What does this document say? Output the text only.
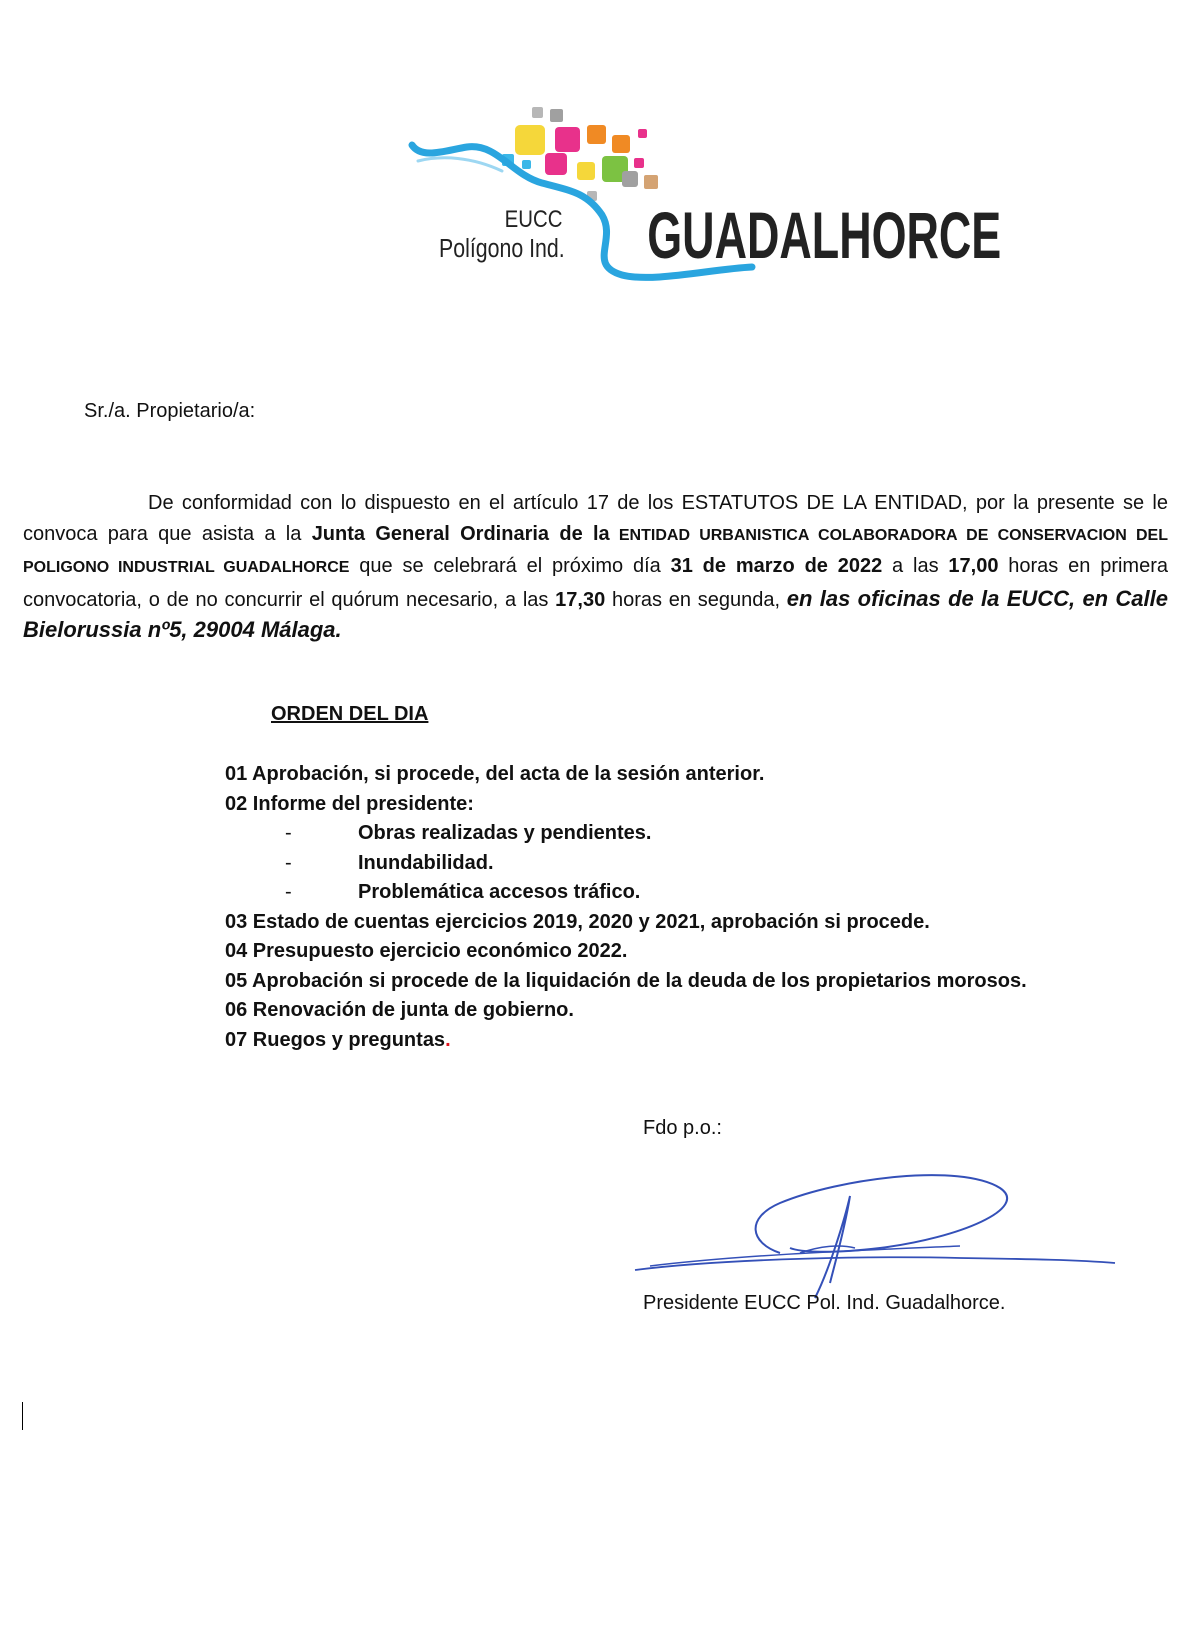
EUCC
Polígono Ind. GUADALHORCE
Sr./a. Propietario/a:
De conformidad con lo dispuesto en el artículo 17 de los ESTATUTOS DE LA ENTIDAD, por la presente se le convoca para que asista a la Junta General Ordinaria de la ENTIDAD URBANISTICA COLABORADORA DE CONSERVACION DEL POLIGONO INDUSTRIAL GUADALHORCE que se celebrará el próximo día 31 de marzo de 2022 a las 17,00 horas en primera convocatoria, o de no concurrir el quórum necesario, a las 17,30 horas en segunda, en las oficinas de la EUCC, en Calle Bielorussia nº5, 29004 Málaga.
ORDEN DEL DIA
01 Aprobación, si procede, del acta de la sesión anterior.
02 Informe del presidente:
-	Obras realizadas y pendientes.
-	Inundabilidad.
-	Problemática accesos tráfico.
03 Estado de cuentas ejercicios 2019, 2020 y 2021, aprobación si procede.
04 Presupuesto ejercicio económico 2022.
05 Aprobación si procede de la liquidación de la deuda de los propietarios morosos.
06 Renovación de junta de gobierno.
07 Ruegos y preguntas.
Fdo p.o.:
Presidente EUCC Pol. Ind. Guadalhorce.
